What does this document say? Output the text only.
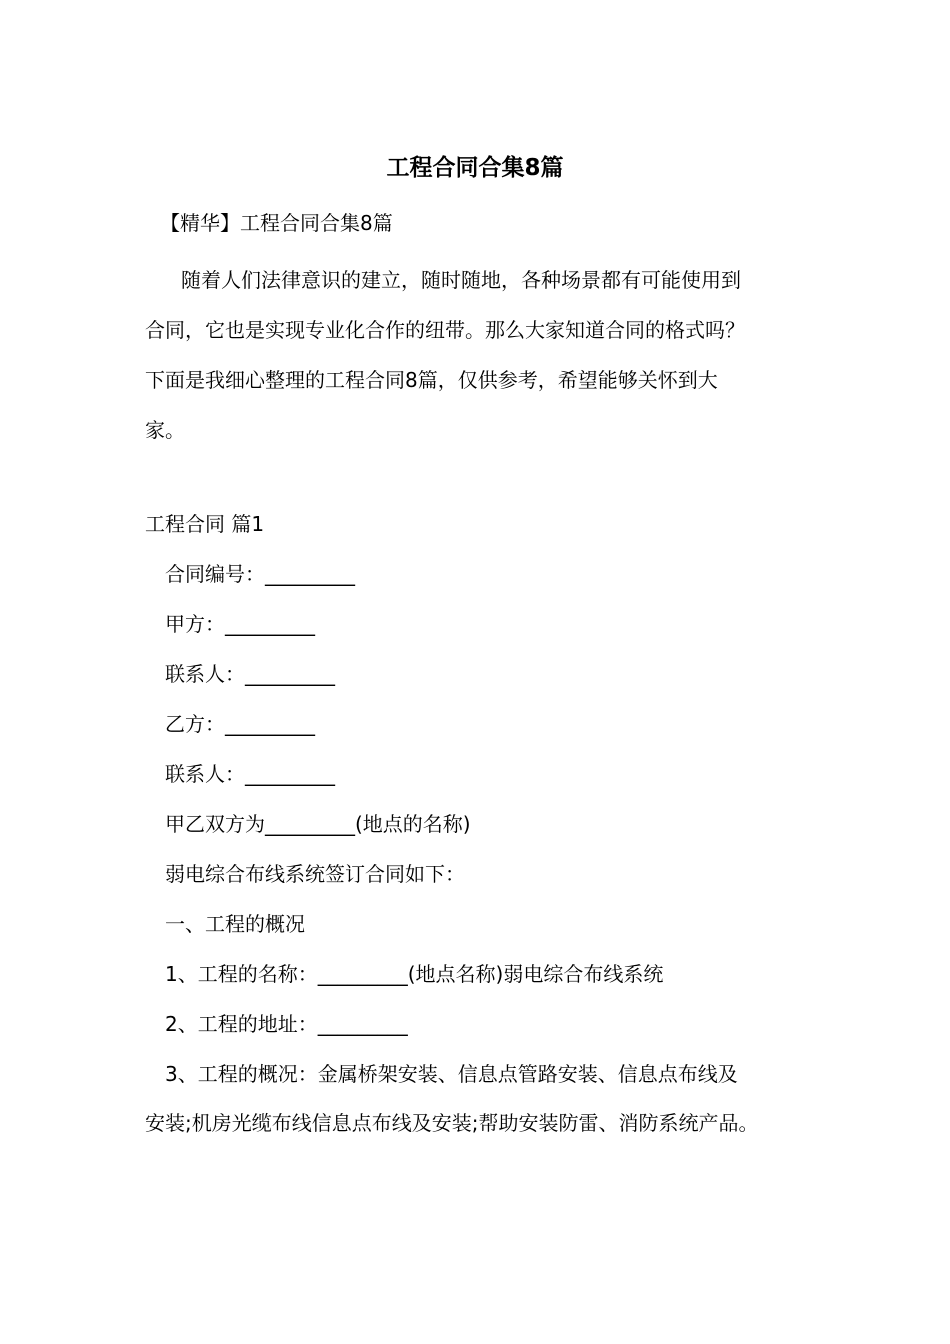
工程合同合集8篇

【精华】工程合同合集8篇

随着人们法律意识的建立，随时随地，各种场景都有可能使用到
合同，它也是实现专业化合作的纽带。那么大家知道合同的格式吗？
下面是我细心整理的工程合同8篇，仅供参考，希望能够关怀到大
家。

工程合同 篇1

合同编号：_________

甲方：_________

联系人：_________

乙方：_________

联系人：_________

甲乙双方为_________(地点的名称)

弱电综合布线系统签订合同如下：

一、工程的概况

1、工程的名称：_________(地点名称)弱电综合布线系统

2、工程的地址：_________

3、工程的概况：金属桥架安装、信息点管路安装、信息点布线及

安装;机房光缆布线信息点布线及安装;帮助安装防雷、消防系统产品。
